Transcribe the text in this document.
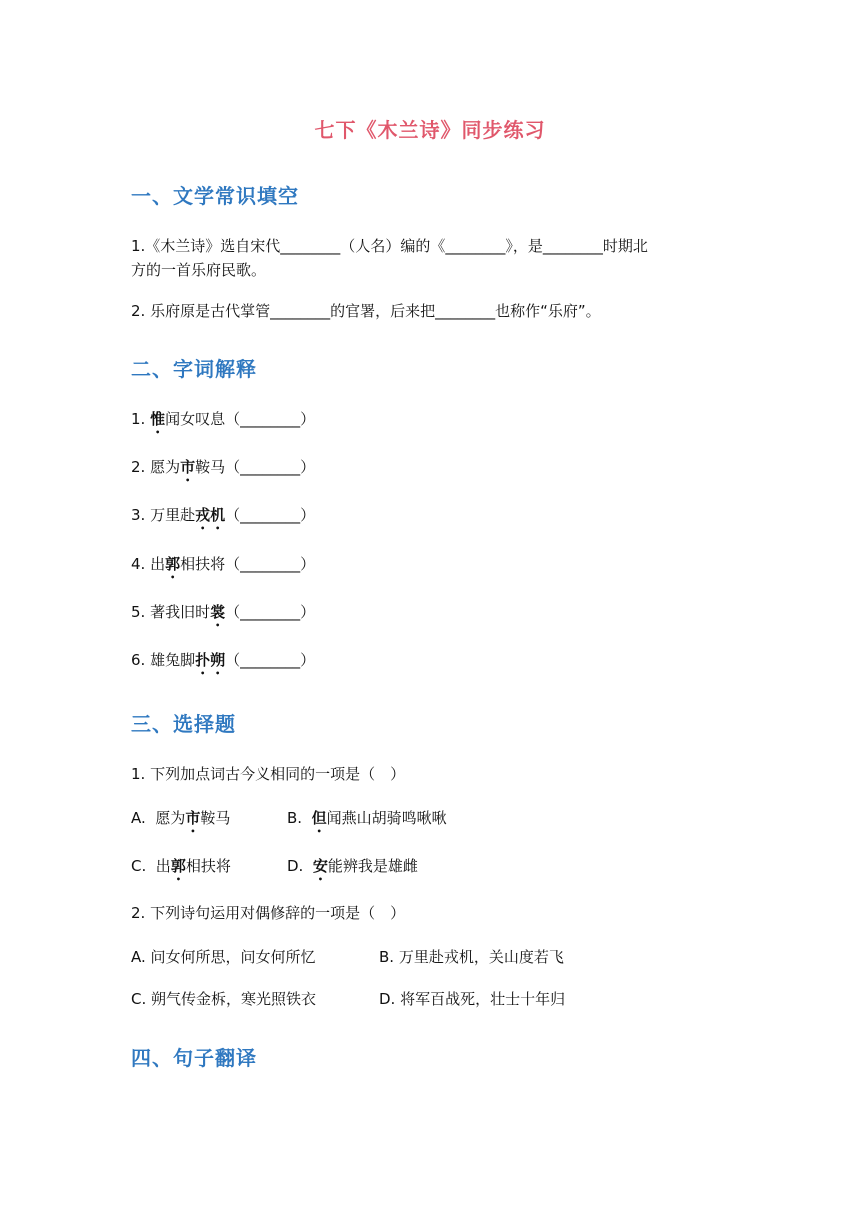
七下《木兰诗》同步练习
一、文学常识填空
1.《木兰诗》选自宋代________（人名）编的《________》，是________时期北
方的一首乐府民歌。
2. 乐府原是古代掌管________的官署，后来把________也称作“乐府”。
二、字词解释
1. 惟闻女叹息（________）
2. 愿为市鞍马（________）
3. 万里赴戎机（________）
4. 出郭相扶将（________）
5. 著我旧时裳（________）
6. 雄兔脚扑朔（________）
三、选择题
1. 下列加点词古今义相同的一项是（　）
A. 愿为市鞍马	B. 但闻燕山胡骑鸣啾啾
C. 出郭相扶将	D. 安能辨我是雄雌
2. 下列诗句运用对偶修辞的一项是（　）
A. 问女何所思，问女何所忆	B. 万里赴戎机，关山度若飞
C. 朔气传金柝，寒光照铁衣	D. 将军百战死，壮士十年归
四、句子翻译
